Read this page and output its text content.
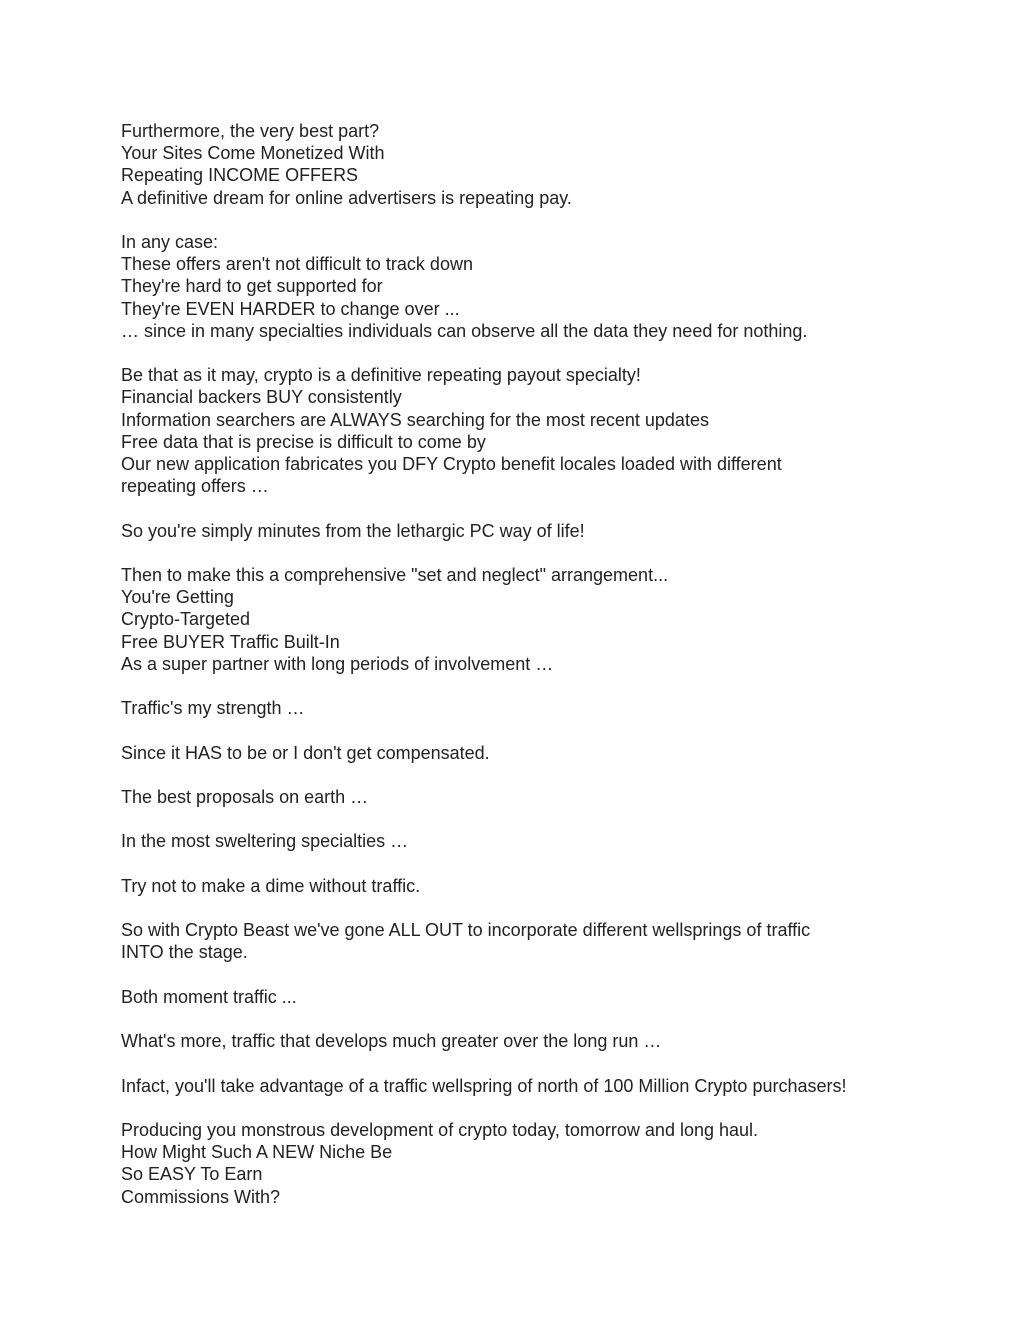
Furthermore, the very best part?
Your Sites Come Monetized With
Repeating INCOME OFFERS
A definitive dream for online advertisers is repeating pay.

In any case:
These offers aren't not difficult to track down
They're hard to get supported for
They're EVEN HARDER to change over ...
… since in many specialties individuals can observe all the data they need for nothing.

Be that as it may, crypto is a definitive repeating payout specialty!
Financial backers BUY consistently
Information searchers are ALWAYS searching for the most recent updates
Free data that is precise is difficult to come by
Our new application fabricates you DFY Crypto benefit locales loaded with different
repeating offers …

So you're simply minutes from the lethargic PC way of life!

Then to make this a comprehensive "set and neglect" arrangement...
You're Getting
Crypto-Targeted
Free BUYER Traffic Built-In
As a super partner with long periods of involvement …

Traffic's my strength …

Since it HAS to be or I don't get compensated.

The best proposals on earth …

In the most sweltering specialties …

Try not to make a dime without traffic.

So with Crypto Beast we've gone ALL OUT to incorporate different wellsprings of traffic
INTO the stage.

Both moment traffic ...

What's more, traffic that develops much greater over the long run …

Infact, you'll take advantage of a traffic wellspring of north of 100 Million Crypto purchasers!

Producing you monstrous development of crypto today, tomorrow and long haul.
How Might Such A NEW Niche Be
So EASY To Earn
Commissions With?
